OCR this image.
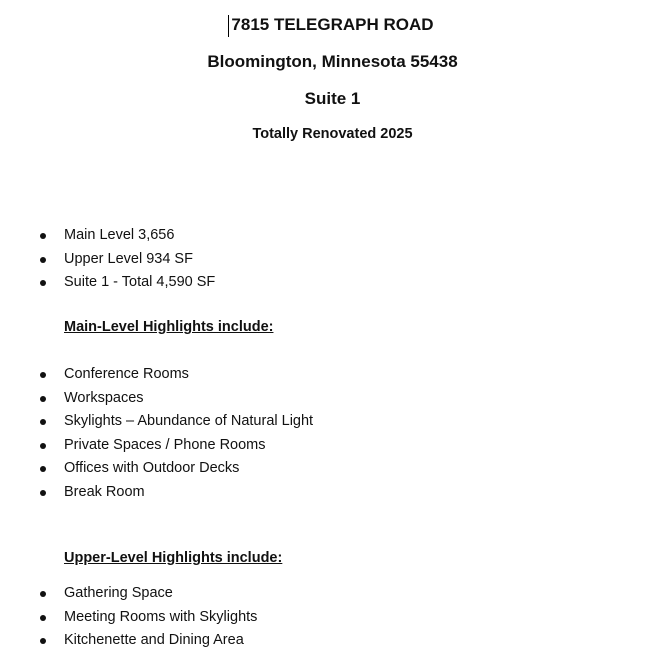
7815 TELEGRAPH ROAD

Bloomington, Minnesota 55438

Suite 1

Totally Renovated 2025

Main Level 3,656
Upper Level 934 SF
Suite 1 - Total 4,590 SF

Main-Level Highlights include:

Conference Rooms
Workspaces
Skylights – Abundance of Natural Light
Private Spaces / Phone Rooms
Offices with Outdoor Decks
Break Room

Upper-Level Highlights include:

Gathering Space
Meeting Rooms with Skylights
Kitchenette and Dining Area
